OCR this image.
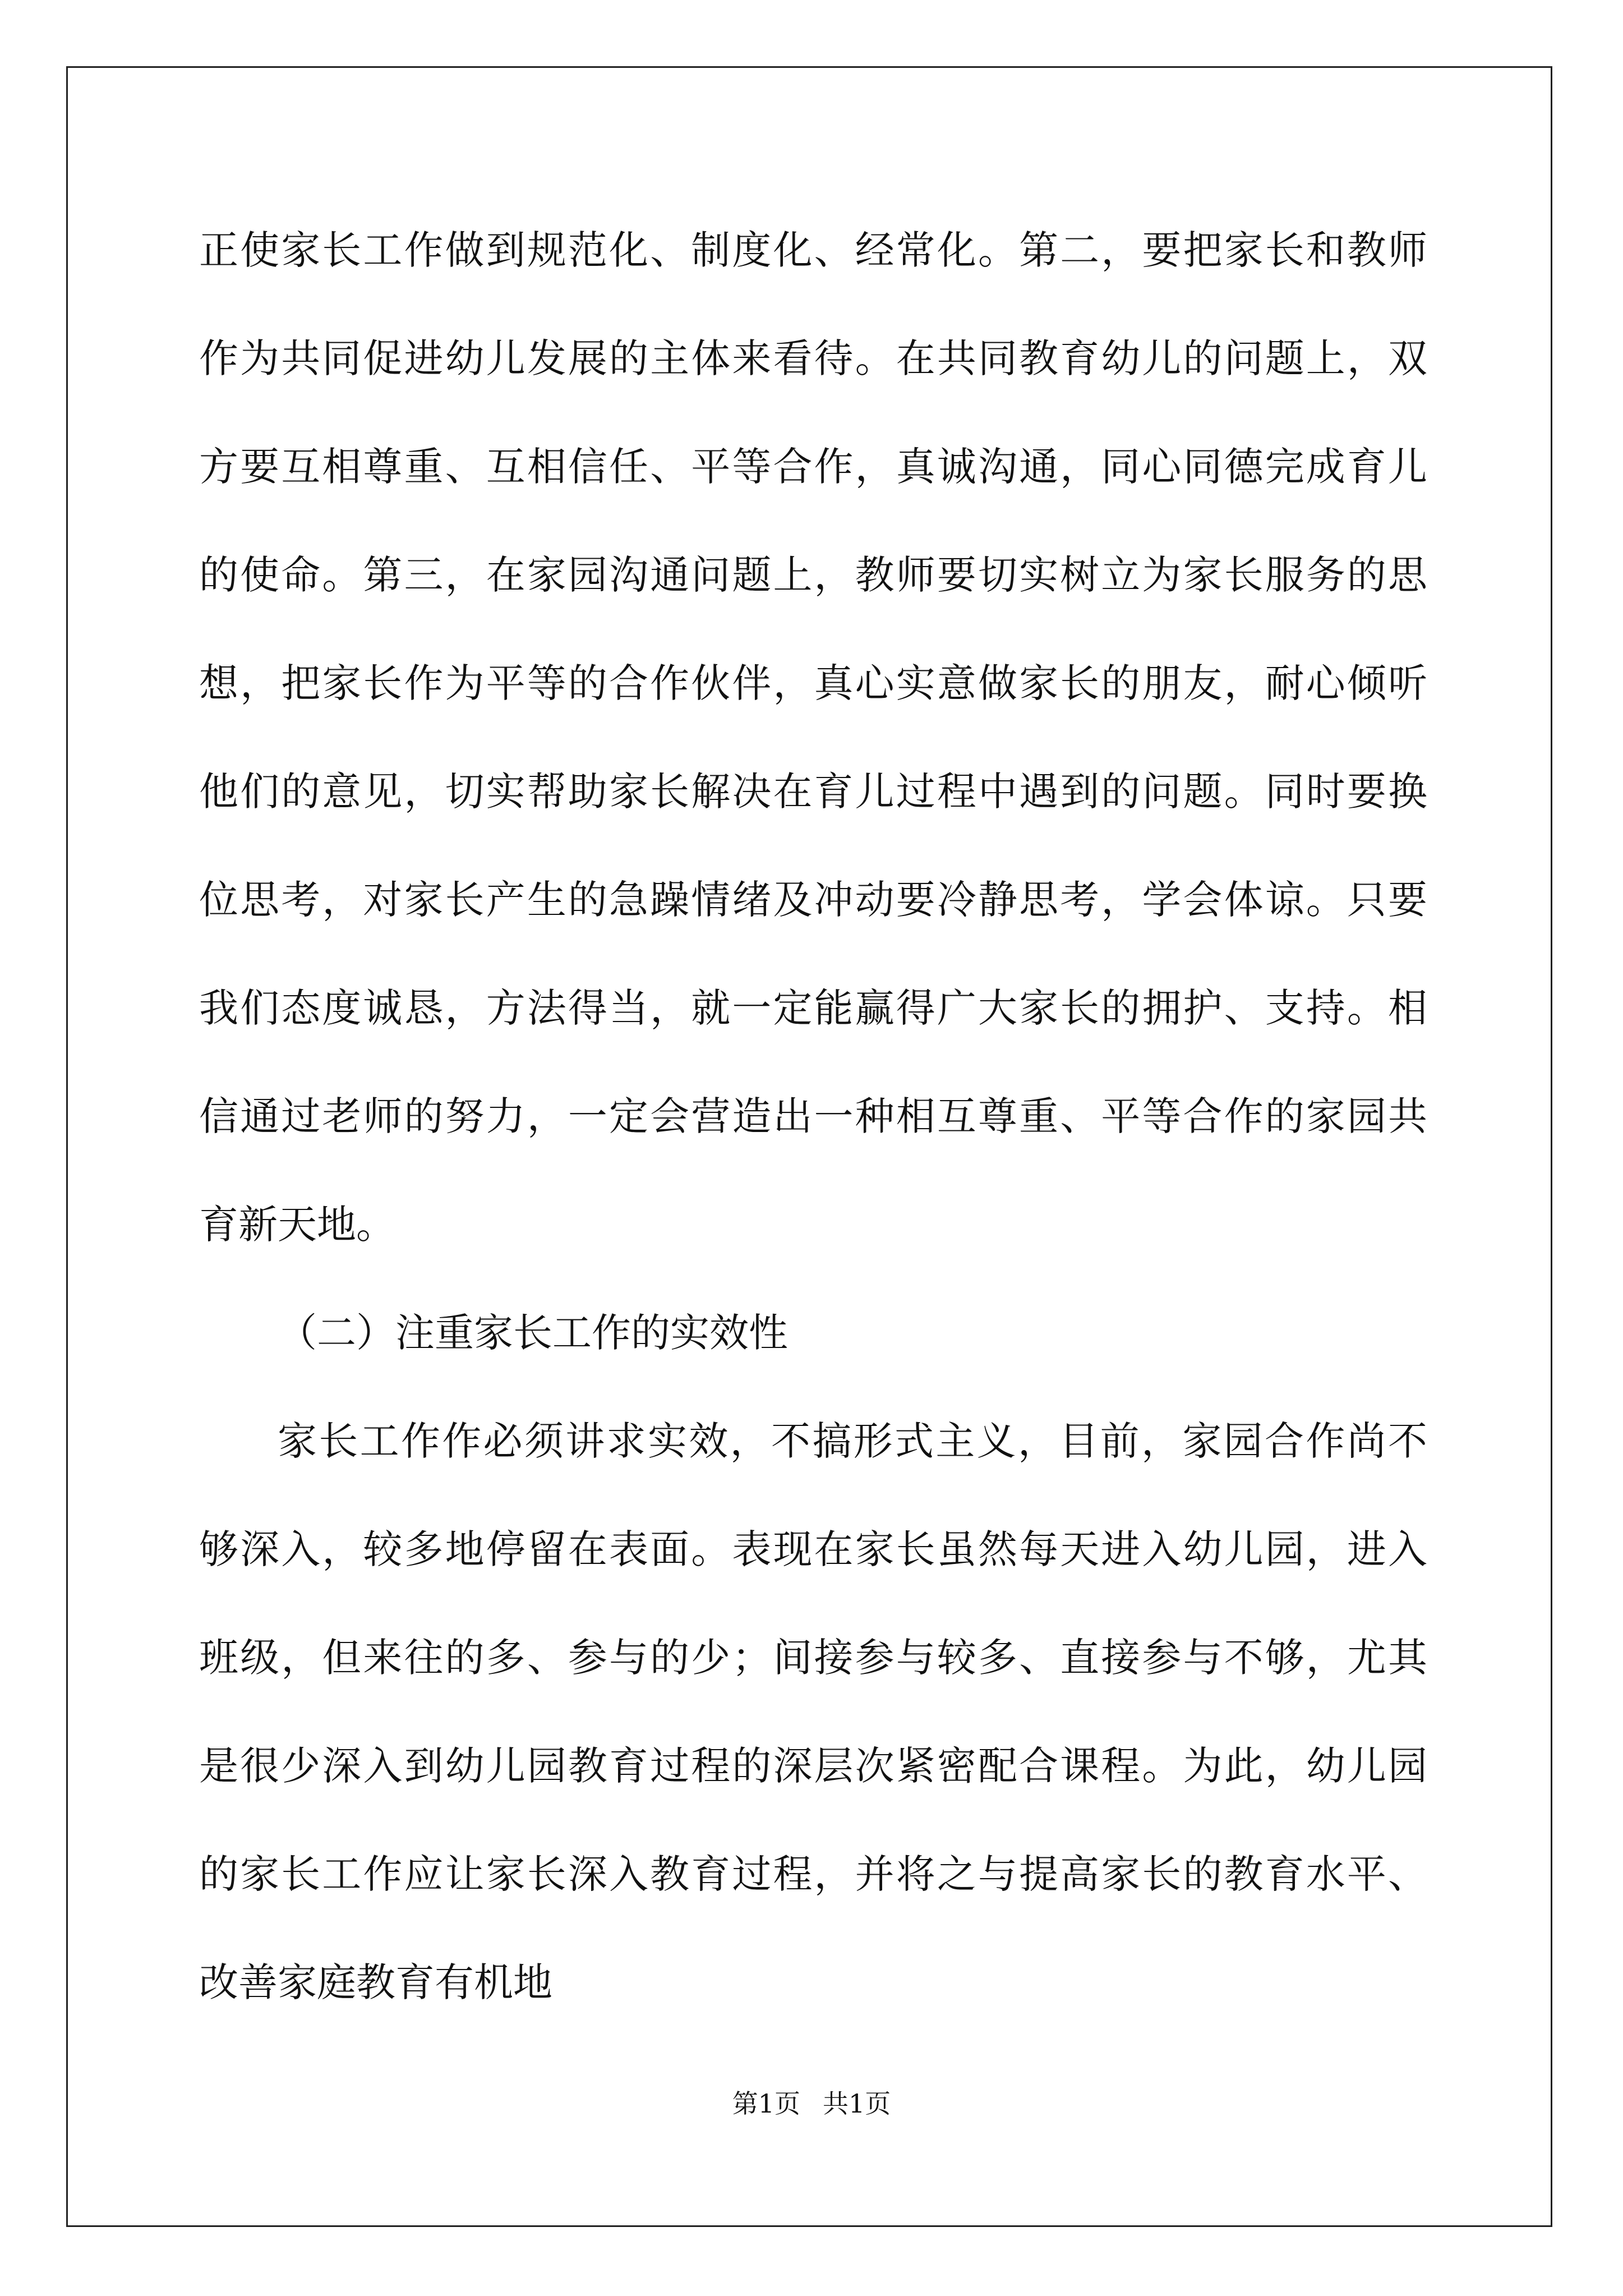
正使家长工作做到规范化、制度化、经常化。第二，要把家长和教师
作为共同促进幼儿发展的主体来看待。在共同教育幼儿的问题上，双
方要互相尊重、互相信任、平等合作，真诚沟通，同心同德完成育儿
的使命。第三，在家园沟通问题上，教师要切实树立为家长服务的思
想，把家长作为平等的合作伙伴，真心实意做家长的朋友，耐心倾听
他们的意见，切实帮助家长解决在育儿过程中遇到的问题。同时要换
位思考，对家长产生的急躁情绪及冲动要冷静思考，学会体谅。只要
我们态度诚恳，方法得当，就一定能赢得广大家长的拥护、支持。相
信通过老师的努力，一定会营造出一种相互尊重、平等合作的家园共
育新天地。
（二）注重家长工作的实效性
家长工作作必须讲求实效，不搞形式主义，目前，家园合作尚不
够深入，较多地停留在表面。表现在家长虽然每天进入幼儿园，进入
班级，但来往的多、参与的少；间接参与较多、直接参与不够，尤其
是很少深入到幼儿园教育过程的深层次紧密配合课程。为此，幼儿园
的家长工作应让家长深入教育过程，并将之与提高家长的教育水平、
改善家庭教育有机地
第1页 共1页
